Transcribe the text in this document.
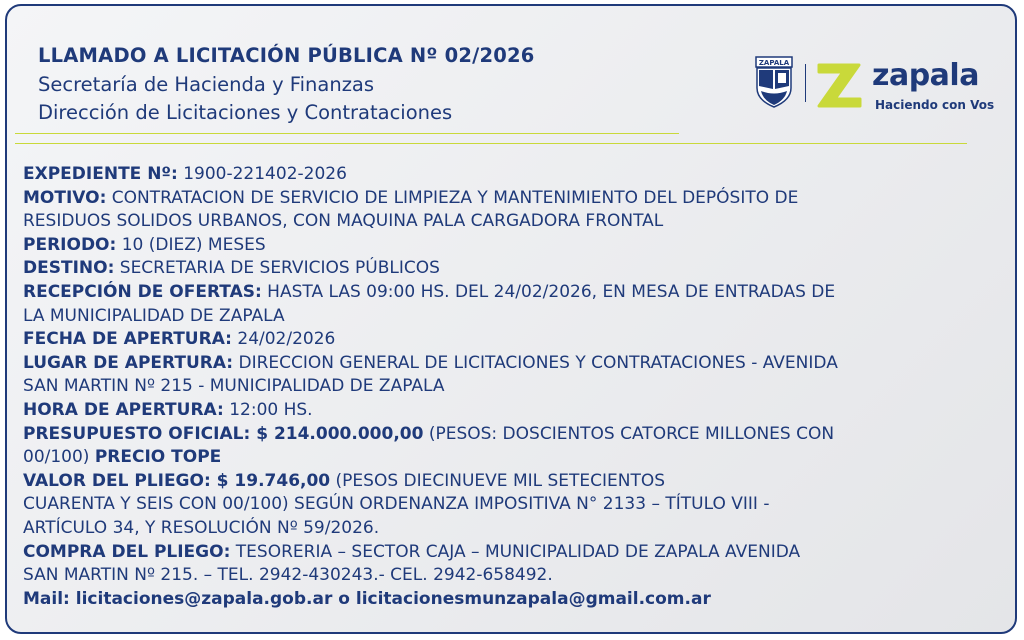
LLAMADO A LICITACIÓN PÚBLICA Nº 02/2026
Secretaría de Hacienda y Finanzas
Dirección de Licitaciones y Contrataciones
ZAPALA	zapala
Haciendo con Vos
EXPEDIENTE Nº: 1900-221402-2026
MOTIVO: CONTRATACION DE SERVICIO DE LIMPIEZA Y MANTENIMIENTO DEL DEPÓSITO DE
RESIDUOS SOLIDOS URBANOS, CON MAQUINA PALA CARGADORA FRONTAL
PERIODO: 10 (DIEZ) MESES
DESTINO: SECRETARIA DE SERVICIOS PÚBLICOS
RECEPCIÓN DE OFERTAS: HASTA LAS 09:00 HS. DEL 24/02/2026, EN MESA DE ENTRADAS DE
LA MUNICIPALIDAD DE ZAPALA
FECHA DE APERTURA: 24/02/2026
LUGAR DE APERTURA: DIRECCION GENERAL DE LICITACIONES Y CONTRATACIONES - AVENIDA
SAN MARTIN Nº 215 - MUNICIPALIDAD DE ZAPALA
HORA DE APERTURA: 12:00 HS.
PRESUPUESTO OFICIAL: $ 214.000.000,00 (PESOS: DOSCIENTOS CATORCE MILLONES CON
00/100) PRECIO TOPE
VALOR DEL PLIEGO: $ 19.746,00 (PESOS DIECINUEVE MIL SETECIENTOS
CUARENTA Y SEIS CON 00/100) SEGÚN ORDENANZA IMPOSITIVA N° 2133 – TÍTULO VIII -
ARTÍCULO 34, Y RESOLUCIÓN Nº 59/2026.
COMPRA DEL PLIEGO: TESORERIA – SECTOR CAJA – MUNICIPALIDAD DE ZAPALA AVENIDA
SAN MARTIN Nº 215. – TEL. 2942-430243.- CEL. 2942-658492.
Mail: licitaciones@zapala.gob.ar o licitacionesmunzapala@gmail.com.ar
